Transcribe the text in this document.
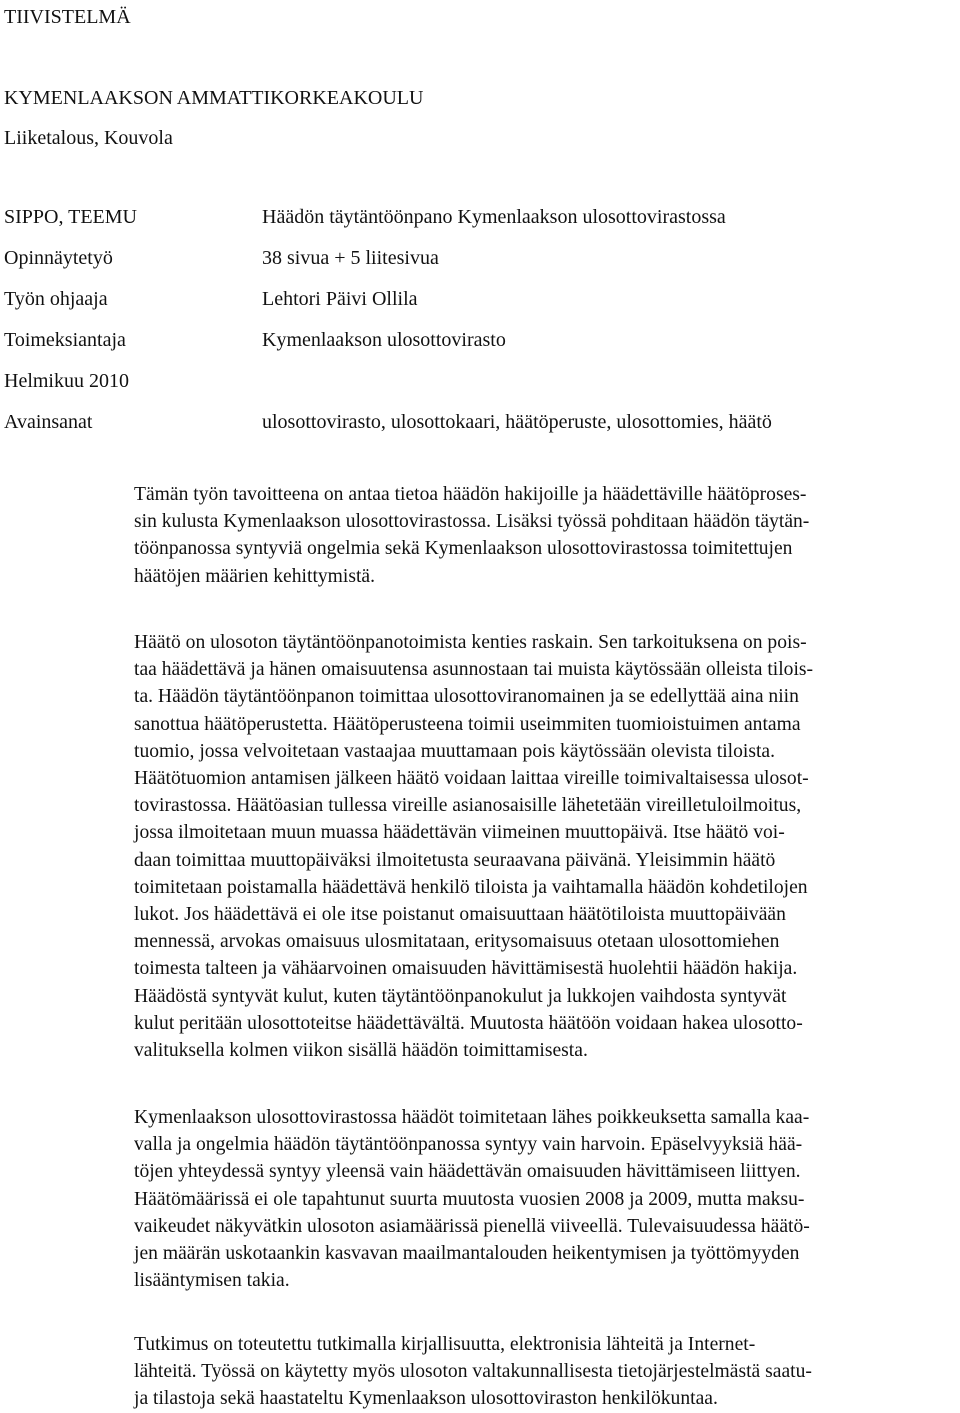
TIIVISTELMÄ
KYMENLAAKSON AMMATTIKORKEAKOULU
Liiketalous, Kouvola
SIPPO, TEEMU	Häädön täytäntöönpano Kymenlaakson ulosottovirastossa
Opinnäytetyö	38 sivua + 5 liitesivua
Työn ohjaaja	Lehtori Päivi Ollila
Toimeksiantaja	Kymenlaakson ulosottovirasto
Helmikuu 2010
Avainsanat	ulosottovirasto, ulosottokaari, häätöperuste, ulosottomies, häätö
Tämän työn tavoitteena on antaa tietoa häädön hakijoille ja häädettäville häätöproses-
sin kulusta Kymenlaakson ulosottovirastossa. Lisäksi työssä pohditaan häädön täytän-
töönpanossa syntyviä ongelmia sekä Kymenlaakson ulosottovirastossa toimitettujen
häätöjen määrien kehittymistä.
Häätö on ulosoton täytäntöönpanotoimista kenties raskain. Sen tarkoituksena on pois-
taa häädettävä ja hänen omaisuutensa asunnostaan tai muista käytössään olleista tilois-
ta. Häädön täytäntöönpanon toimittaa ulosottoviranomainen ja se edellyttää aina niin
sanottua häätöperustetta. Häätöperusteena toimii useimmiten tuomioistuimen antama
tuomio, jossa velvoitetaan vastaajaa muuttamaan pois käytössään olevista tiloista.
Häätötuomion antamisen jälkeen häätö voidaan laittaa vireille toimivaltaisessa ulosot-
tovirastossa. Häätöasian tullessa vireille asianosaisille lähetetään vireilletuloilmoitus,
jossa ilmoitetaan muun muassa häädettävän viimeinen muuttopäivä. Itse häätö voi-
daan toimittaa muuttopäiväksi ilmoitetusta seuraavana päivänä. Yleisimmin häätö
toimitetaan poistamalla häädettävä henkilö tiloista ja vaihtamalla häädön kohdetilojen
lukot. Jos häädettävä ei ole itse poistanut omaisuuttaan häätötiloista muuttopäivään
mennessä, arvokas omaisuus ulosmitataan, eritysomaisuus otetaan ulosottomiehen
toimesta talteen ja vähäarvoinen omaisuuden hävittämisestä huolehtii häädön hakija.
Häädöstä syntyvät kulut, kuten täytäntöönpanokulut ja lukkojen vaihdosta syntyvät
kulut peritään ulosottoteitse häädettävältä. Muutosta häätöön voidaan hakea ulosotto-
valituksella kolmen viikon sisällä häädön toimittamisesta.
Kymenlaakson ulosottovirastossa häädöt toimitetaan lähes poikkeuksetta samalla kaa-
valla ja ongelmia häädön täytäntöönpanossa syntyy vain harvoin. Epäselvyyksiä hää-
töjen yhteydessä syntyy yleensä vain häädettävän omaisuuden hävittämiseen liittyen.
Häätömäärissä ei ole tapahtunut suurta muutosta vuosien 2008 ja 2009, mutta maksu-
vaikeudet näkyvätkin ulosoton asiamäärissä pienellä viiveellä. Tulevaisuudessa häätö-
jen määrän uskotaankin kasvavan maailmantalouden heikentymisen ja työttömyyden
lisääntymisen takia.
Tutkimus on toteutettu tutkimalla kirjallisuutta, elektronisia lähteitä ja Internet-
lähteitä. Työssä on käytetty myös ulosoton valtakunnallisesta tietojärjestelmästä saatu-
ja tilastoja sekä haastateltu Kymenlaakson ulosottoviraston henkilökuntaa.
